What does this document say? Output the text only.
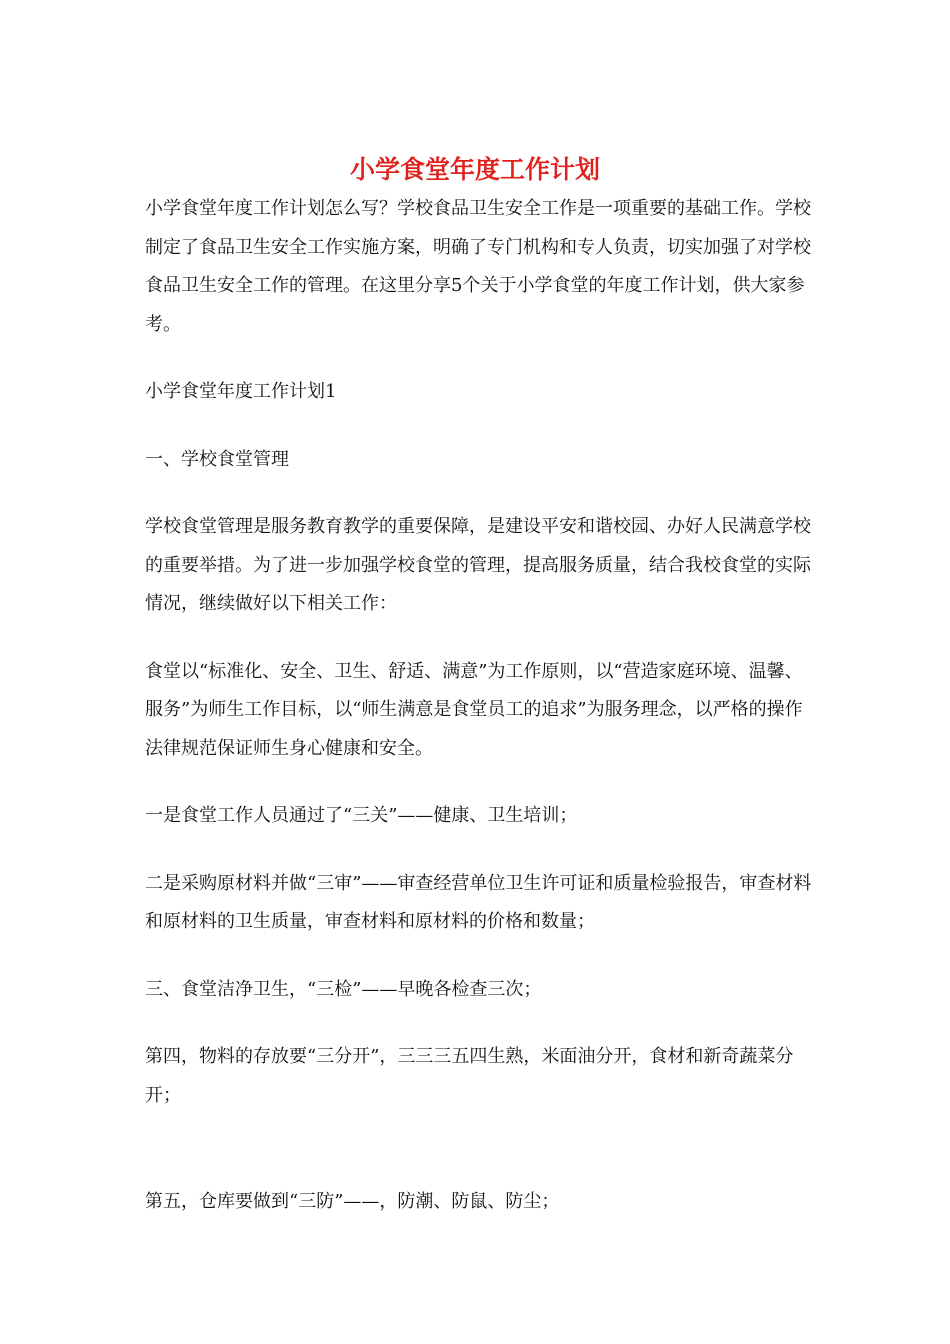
小学食堂年度工作计划

小学食堂年度工作计划怎么写？学校食品卫生安全工作是一项重要的基础工作。学校制定了食品卫生安全工作实施方案，明确了专门机构和专人负责，切实加强了对学校食品卫生安全工作的管理。在这里分享5个关于小学食堂的年度工作计划，供大家参考。

小学食堂年度工作计划1

一、学校食堂管理

学校食堂管理是服务教育教学的重要保障，是建设平安和谐校园、办好人民满意学校的重要举措。为了进一步加强学校食堂的管理，提高服务质量，结合我校食堂的实际情况，继续做好以下相关工作：

食堂以“标准化、安全、卫生、舒适、满意”为工作原则，以“营造家庭环境、温馨、服务”为师生工作目标，以“师生满意是食堂员工的追求”为服务理念，以严格的操作法律规范保证师生身心健康和安全。

一是食堂工作人员通过了“三关”——健康、卫生培训；

二是采购原材料并做“三审”——审查经营单位卫生许可证和质量检验报告，审查材料和原材料的卫生质量，审查材料和原材料的价格和数量；

三、食堂洁净卫生，“三检”——早晚各检查三次；

第四，物料的存放要“三分开”，三三三五四生熟，米面油分开，食材和新奇蔬菜分开；

第五，仓库要做到“三防”——，防潮、防鼠、防尘；
